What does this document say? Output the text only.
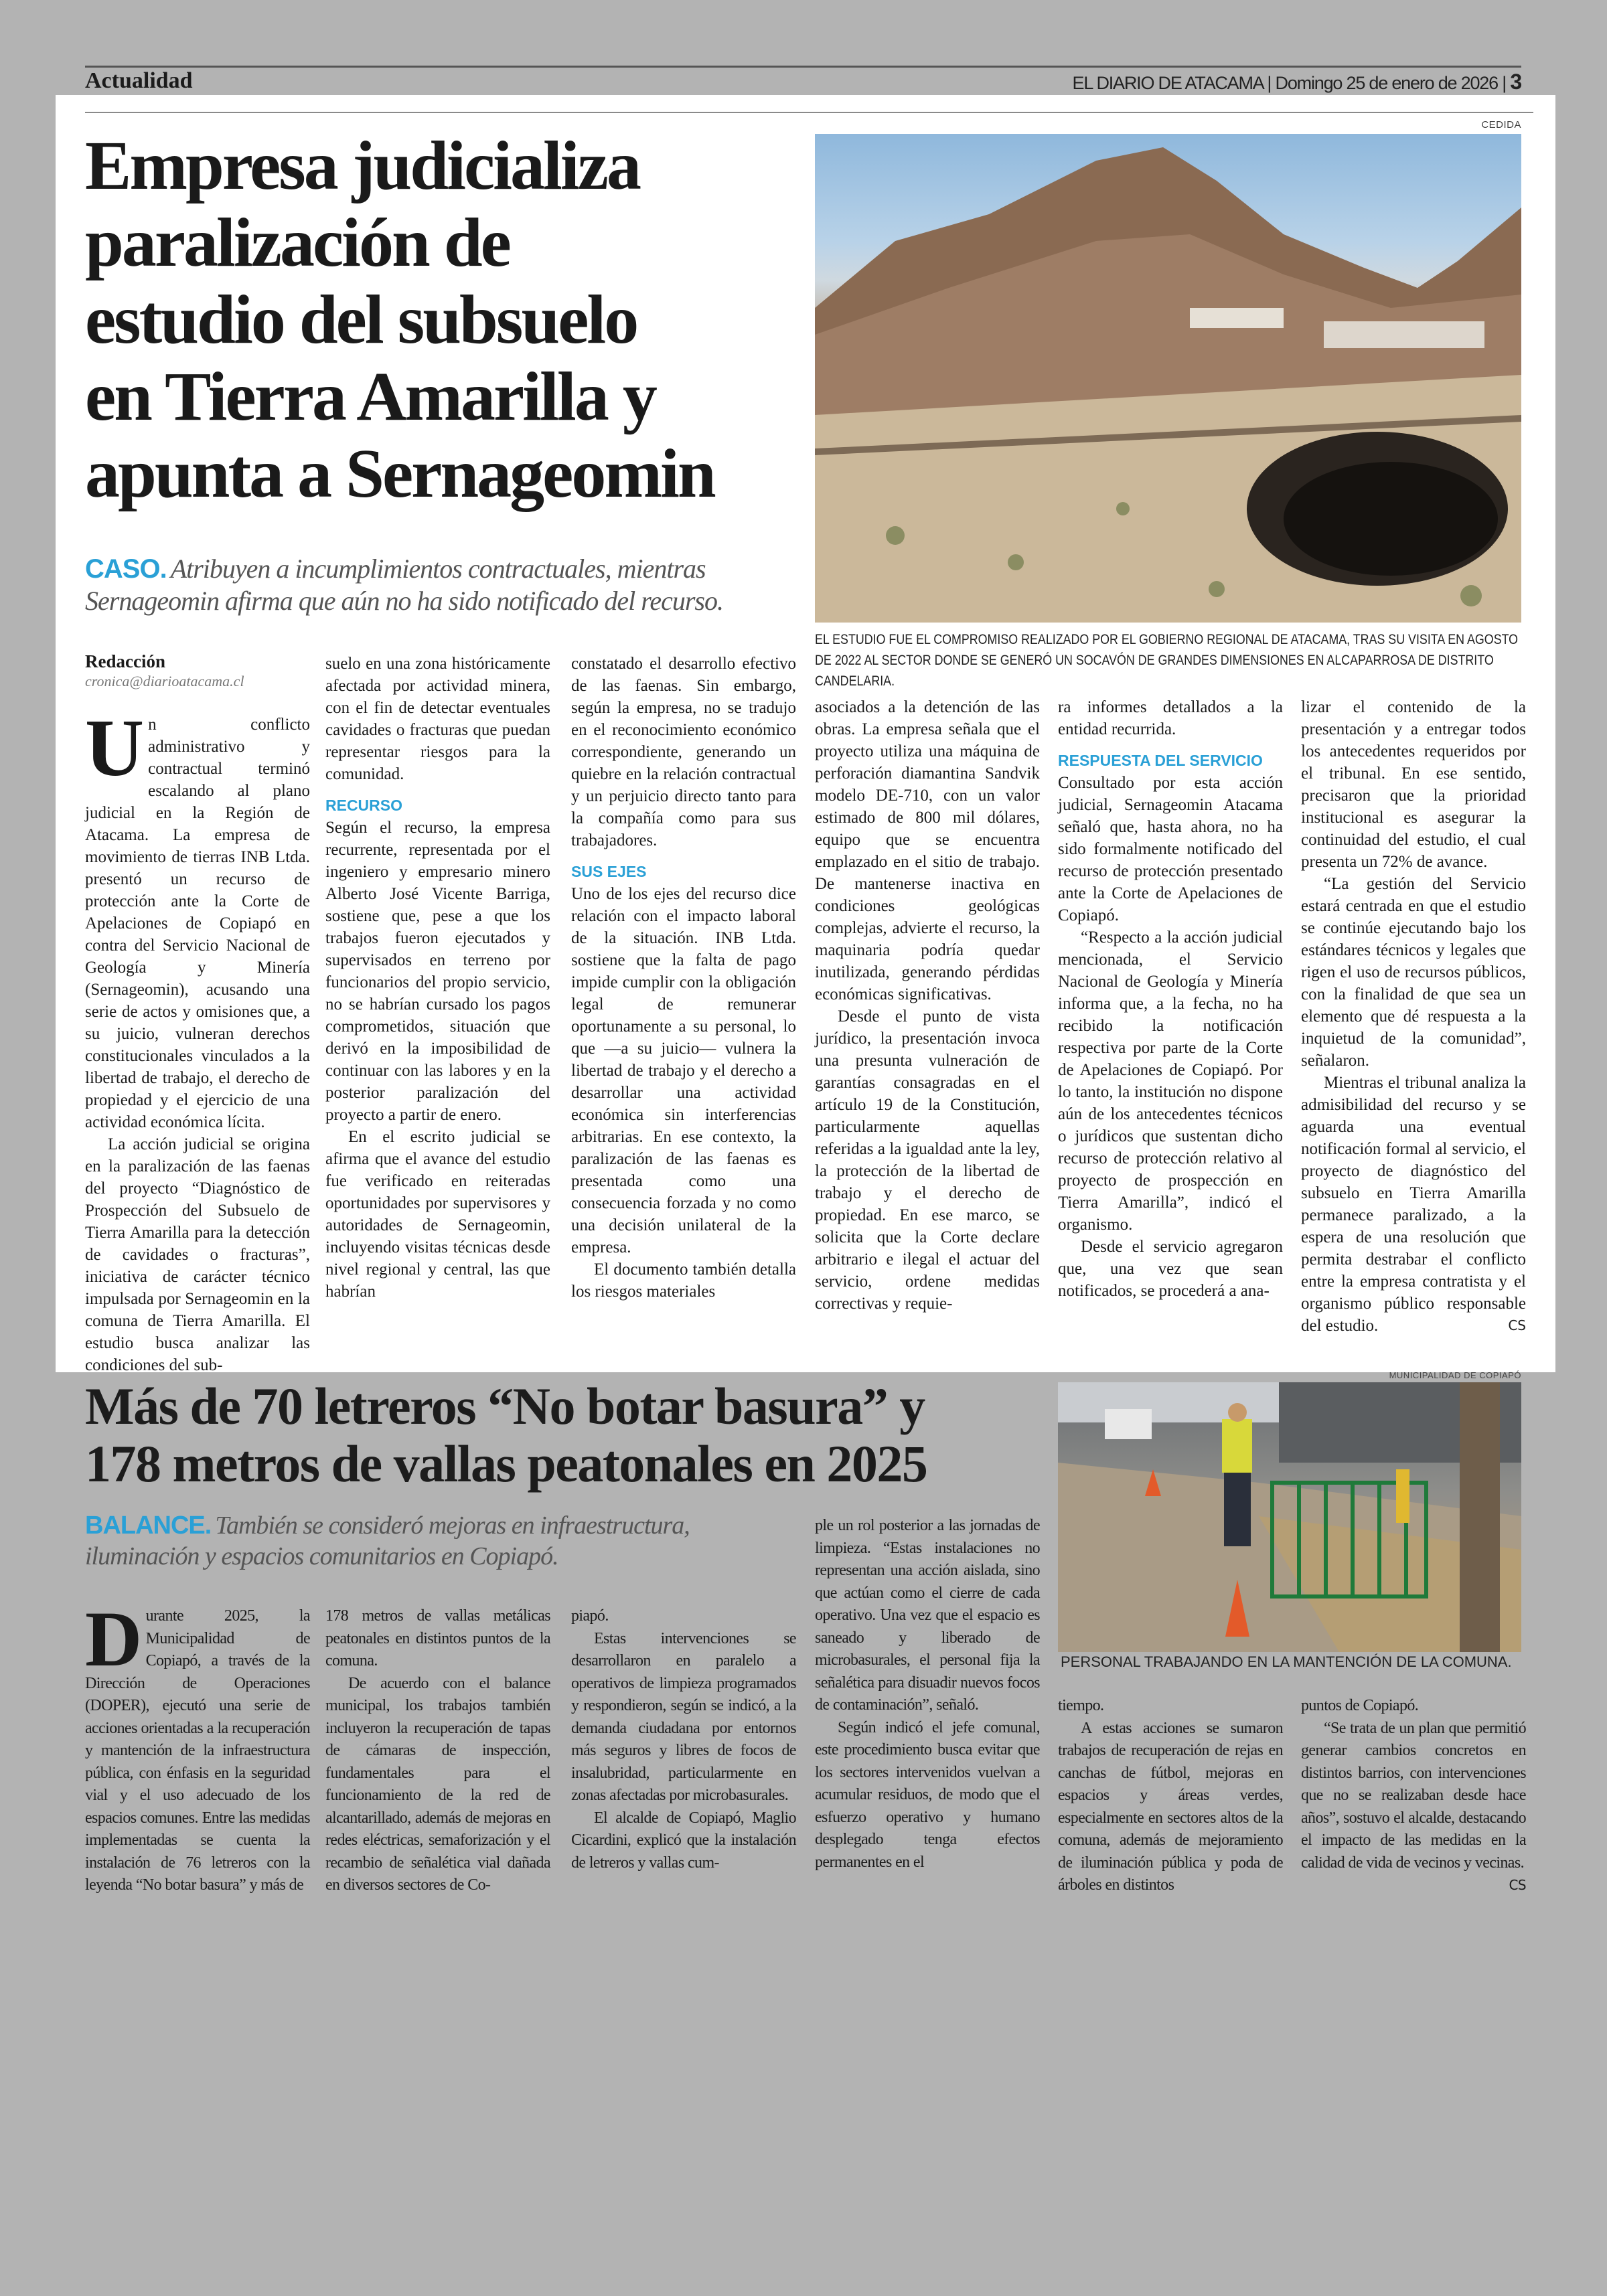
Actualidad	EL DIARIO DE ATACAMA | Domingo 25 de enero de 2026 | 3
Empresa judicializa
paralización de
estudio del subsuelo
en Tierra Amarilla y
apunta a Sernageomin
CASO. Atribuyen a incumplimientos contractuales, mientras Sernageomin afirma que aún no ha sido notificado del recurso.
CEDIDA
EL ESTUDIO FUE EL COMPROMISO REALIZADO POR EL GOBIERNO REGIONAL DE ATACAMA, TRAS SU VISITA EN AGOSTO DE 2022 AL SECTOR DONDE SE GENERÓ UN SOCAVÓN DE GRANDES DIMENSIONES EN ALCAPARROSA DE DISTRITO CANDELARIA.
Redacción
cronica@diarioatacama.cl

Un conflicto administrativo y contractual terminó escalando al plano judicial en la Región de Atacama. La empresa de movimiento de tierras INB Ltda. presentó un recurso de protección ante la Corte de Apelaciones de Copiapó en contra del Servicio Nacional de Geología y Minería (Sernageomin), acusando una serie de actos y omisiones que, a su juicio, vulneran derechos constitucionales vinculados a la libertad de trabajo, el derecho de propiedad y el ejercicio de una actividad económica lícita.

La acción judicial se origina en la paralización de las faenas del proyecto “Diagnóstico de Prospección del Subsuelo de Tierra Amarilla para la detección de cavidades o fracturas”, iniciativa de carácter técnico impulsada por Sernageomin en la comuna de Tierra Amarilla. El estudio busca analizar las condiciones del sub-

suelo en una zona históricamente afectada por actividad minera, con el fin de detectar eventuales cavidades o fracturas que puedan representar riesgos para la comunidad.

RECURSO

Según el recurso, la empresa recurrente, representada por el ingeniero y empresario minero Alberto José Vicente Barriga, sostiene que, pese a que los trabajos fueron ejecutados y supervisados en terreno por funcionarios del propio servicio, no se habrían cursado los pagos comprometidos, situación que derivó en la imposibilidad de continuar con las labores y en la posterior paralización del proyecto a partir de enero.

En el escrito judicial se afirma que el avance del estudio fue verificado en reiteradas oportunidades por supervisores y autoridades de Sernageomin, incluyendo visitas técnicas desde nivel regional y central, las que habrían

constatado el desarrollo efectivo de las faenas. Sin embargo, según la empresa, no se tradujo en el reconocimiento económico correspondiente, generando un quiebre en la relación contractual y un perjuicio directo tanto para la compañía como para sus trabajadores.

SUS EJES

Uno de los ejes del recurso dice relación con el impacto laboral de la situación. INB Ltda. sostiene que la falta de pago impide cumplir con la obligación legal de remunerar oportunamente a su personal, lo que —a su juicio— vulnera la libertad de trabajo y el derecho a desarrollar una actividad económica sin interferencias arbitrarias. En ese contexto, la paralización de las faenas es presentada como una consecuencia forzada y no como una decisión unilateral de la empresa.

El documento también detalla los riesgos materiales

asociados a la detención de las obras. La empresa señala que el proyecto utiliza una máquina de perforación diamantina Sandvik modelo DE-710, con un valor estimado de 800 mil dólares, equipo que se encuentra emplazado en el sitio de trabajo. De mantenerse inactiva en condiciones geológicas complejas, advierte el recurso, la maquinaria podría quedar inutilizada, generando pérdidas económicas significativas.

Desde el punto de vista jurídico, la presentación invoca una presunta vulneración de garantías consagradas en el artículo 19 de la Constitución, particularmente aquellas referidas a la igualdad ante la ley, la protección de la libertad de trabajo y el derecho de propiedad. En ese marco, se solicita que la Corte declare arbitrario e ilegal el actuar del servicio, ordene medidas correctivas y requie-

ra informes detallados a la entidad recurrida.

RESPUESTA DEL SERVICIO

Consultado por esta acción judicial, Sernageomin Atacama señaló que, hasta ahora, no ha sido formalmente notificado del recurso de protección presentado ante la Corte de Apelaciones de Copiapó.

“Respecto a la acción judicial mencionada, el Servicio Nacional de Geología y Minería informa que, a la fecha, no ha recibido la notificación respectiva por parte de la Corte de Apelaciones de Copiapó. Por lo tanto, la institución no dispone aún de los antecedentes técnicos o jurídicos que sustentan dicho recurso de protección relativo al proyecto de prospección en Tierra Amarilla”, indicó el organismo.

Desde el servicio agregaron que, una vez que sean notificados, se procederá a ana-

lizar el contenido de la presentación y a entregar todos los antecedentes requeridos por el tribunal. En ese sentido, precisaron que la prioridad institucional es asegurar la continuidad del estudio, el cual presenta un 72% de avance.

“La gestión del Servicio estará centrada en que el estudio se continúe ejecutando bajo los estándares técnicos y legales que rigen el uso de recursos públicos, con la finalidad de que sea un elemento que dé respuesta a la inquietud de la comunidad”, señalaron.

Mientras el tribunal analiza la admisibilidad del recurso y se aguarda una eventual notificación formal al servicio, el proyecto de diagnóstico del subsuelo en Tierra Amarilla permanece paralizado, a la espera de una resolución que permita destrabar el conflicto entre la empresa contratista y el organismo público responsable del estudio.	CS

Más de 70 letreros “No botar basura” y
178 metros de vallas peatonales en 2025
BALANCE. También se consideró mejoras en infraestructura, iluminación y espacios comunitarios en Copiapó.
MUNICIPALIDAD DE COPIAPÓ
PERSONAL TRABAJANDO EN LA MANTENCIÓN DE LA COMUNA.

Durante 2025, la Municipalidad de Copiapó, a través de la Dirección de Operaciones (DOPER), ejecutó una serie de acciones orientadas a la recuperación y mantención de la infraestructura pública, con énfasis en la seguridad vial y el uso adecuado de los espacios comunes. Entre las medidas implementadas se cuenta la instalación de 76 letreros con la leyenda “No botar basura” y más de

178 metros de vallas metálicas peatonales en distintos puntos de la comuna.

De acuerdo con el balance municipal, los trabajos también incluyeron la recuperación de tapas de cámaras de inspección, fundamentales para el funcionamiento de la red de alcantarillado, además de mejoras en redes eléctricas, semaforización y el recambio de señalética vial dañada en diversos sectores de Co-

piapó.

Estas intervenciones se desarrollaron en paralelo a operativos de limpieza programados y respondieron, según se indicó, a la demanda ciudadana por entornos más seguros y libres de focos de insalubridad, particularmente en zonas afectadas por microbasurales.

El alcalde de Copiapó, Maglio Cicardini, explicó que la instalación de letreros y vallas cum-

ple un rol posterior a las jornadas de limpieza. “Estas instalaciones no representan una acción aislada, sino que actúan como el cierre de cada operativo. Una vez que el espacio es saneado y liberado de microbasurales, el personal fija la señalética para disuadir nuevos focos de contaminación”, señaló.

Según indicó el jefe comunal, este procedimiento busca evitar que los sectores intervenidos vuelvan a acumular residuos, de modo que el esfuerzo operativo y humano desplegado tenga efectos permanentes en el

tiempo.

A estas acciones se sumaron trabajos de recuperación de rejas en canchas de fútbol, mejoras en espacios y áreas verdes, especialmente en sectores altos de la comuna, además de mejoramiento de iluminación pública y poda de árboles en distintos

puntos de Copiapó.

“Se trata de un plan que permitió generar cambios concretos en distintos barrios, con intervenciones que no se realizaban desde hace años”, sostuvo el alcalde, destacando el impacto de las medidas en la calidad de vida de vecinos y vecinas.
CS
